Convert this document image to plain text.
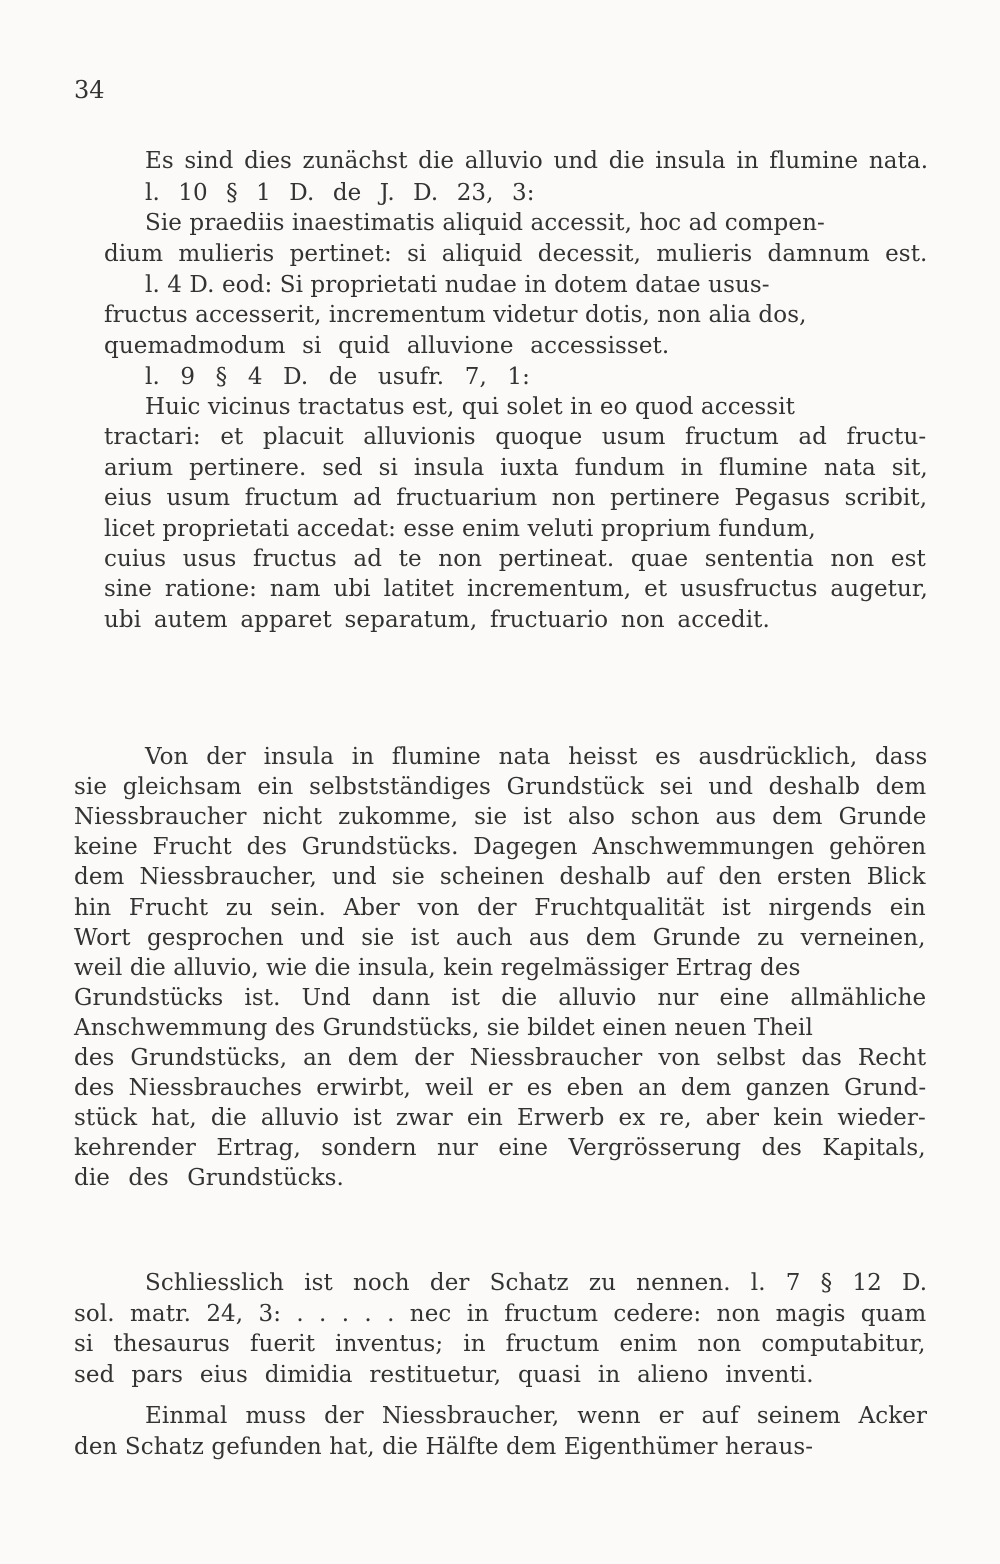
34
Es sind dies zunächst die alluvio und die insula in flumine nata.
l. 10 § 1 D. de J. D. 23, 3:
Sie praediis inaestimatis aliquid accessit, hoc ad compen-
dium mulieris pertinet: si aliquid decessit, mulieris damnum est.
l. 4 D. eod: Si proprietati nudae in dotem datae usus-
fructus accesserit, incrementum videtur dotis, non alia dos,
quemadmodum si quid alluvione accessisset.
l. 9 § 4 D. de usufr. 7, 1:
Huic vicinus tractatus est, qui solet in eo quod accessit
tractari: et placuit alluvionis quoque usum fructum ad fructu-
arium pertinere. sed si insula iuxta fundum in flumine nata sit,
eius usum fructum ad fructuarium non pertinere Pegasus scribit,
licet proprietati accedat: esse enim veluti proprium fundum,
cuius usus fructus ad te non pertineat. quae sententia non est
sine ratione: nam ubi latitet incrementum, et ususfructus augetur,
ubi autem apparet separatum, fructuario non accedit.
Von der insula in flumine nata heisst es ausdrücklich, dass
sie gleichsam ein selbstständiges Grundstück sei und deshalb dem
Niessbraucher nicht zukomme, sie ist also schon aus dem Grunde
keine Frucht des Grundstücks. Dagegen Anschwemmungen gehören
dem Niessbraucher, und sie scheinen deshalb auf den ersten Blick
hin Frucht zu sein. Aber von der Fruchtqualität ist nirgends ein
Wort gesprochen und sie ist auch aus dem Grunde zu verneinen,
weil die alluvio, wie die insula, kein regelmässiger Ertrag des
Grundstücks ist. Und dann ist die alluvio nur eine allmähliche
Anschwemmung des Grundstücks, sie bildet einen neuen Theil
des Grundstücks, an dem der Niessbraucher von selbst das Recht
des Niessbrauches erwirbt, weil er es eben an dem ganzen Grund-
stück hat, die alluvio ist zwar ein Erwerb ex re, aber kein wieder-
kehrender Ertrag, sondern nur eine Vergrösserung des Kapitals,
die des Grundstücks.
Schliesslich ist noch der Schatz zu nennen. l. 7 § 12 D.
sol. matr. 24, 3: . . . . . nec in fructum cedere: non magis quam
si thesaurus fuerit inventus; in fructum enim non computabitur,
sed pars eius dimidia restituetur, quasi in alieno inventi.
Einmal muss der Niessbraucher, wenn er auf seinem Acker
den Schatz gefunden hat, die Hälfte dem Eigenthümer heraus-
